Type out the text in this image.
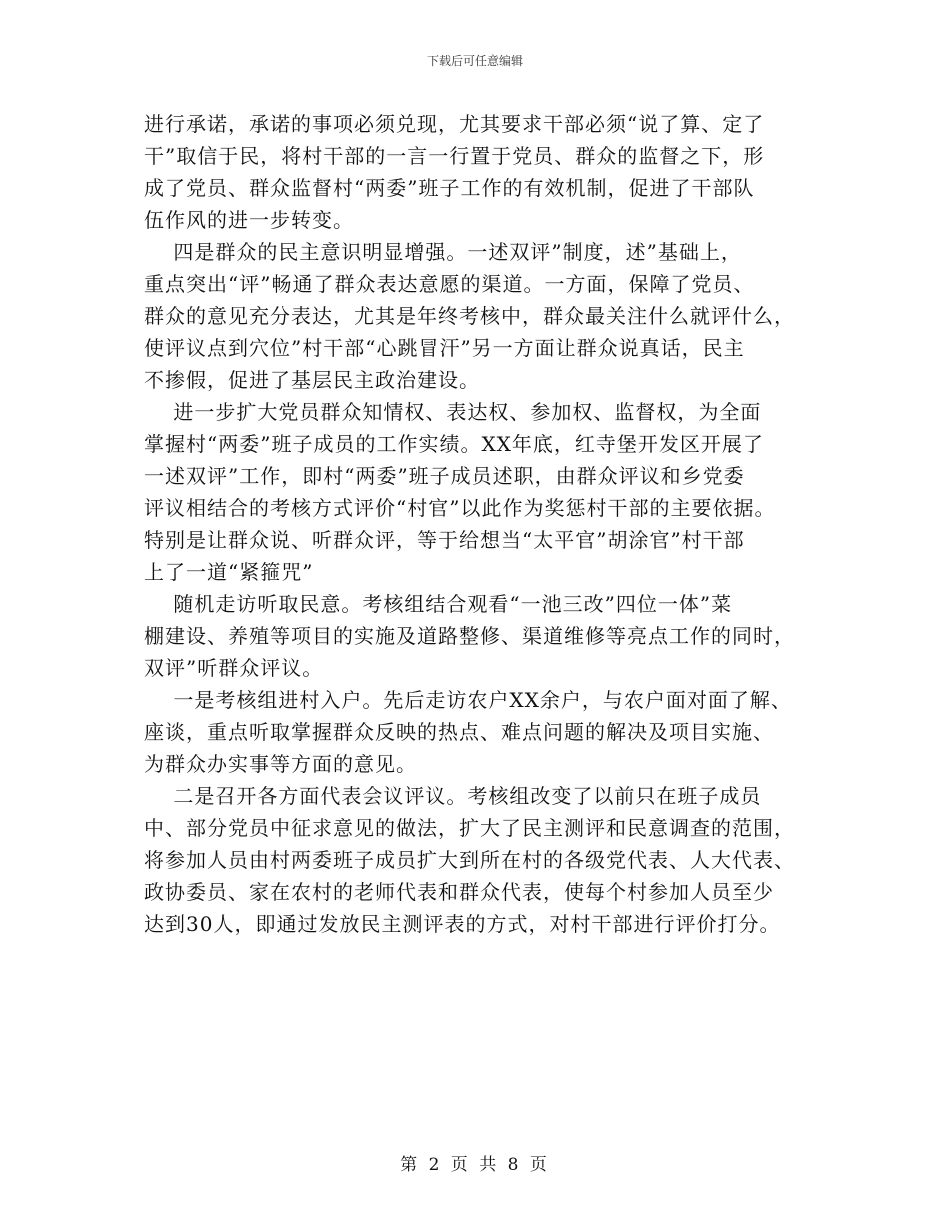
下载后可任意编辑
进行承诺，承诺的事项必须兑现，尤其要求干部必须“说了算、定了
干”取信于民，将村干部的一言一行置于党员、群众的监督之下，形
成了党员、群众监督村“两委”班子工作的有效机制，促进了干部队
伍作风的进一步转变。
四是群众的民主意识明显增强。一述双评”制度，述”基础上，
重点突出“评”畅通了群众表达意愿的渠道。一方面，保障了党员、
群众的意见充分表达，尤其是年终考核中，群众最关注什么就评什么，
使评议点到穴位”村干部“心跳冒汗”另一方面让群众说真话，民主
不掺假，促进了基层民主政治建设。
进一步扩大党员群众知情权、表达权、参加权、监督权，为全面
掌握村“两委”班子成员的工作实绩。XX年底，红寺堡开发区开展了
一述双评”工作，即村“两委”班子成员述职，由群众评议和乡党委
评议相结合的考核方式评价“村官”以此作为奖惩村干部的主要依据。
特别是让群众说、听群众评，等于给想当“太平官”胡涂官”村干部
上了一道“紧箍咒”
随机走访听取民意。考核组结合观看“一池三改”四位一体”菜
棚建设、养殖等项目的实施及道路整修、渠道维修等亮点工作的同时，
双评”听群众评议。
一是考核组进村入户。先后走访农户XX余户，与农户面对面了解、
座谈，重点听取掌握群众反映的热点、难点问题的解决及项目实施、
为群众办实事等方面的意见。
二是召开各方面代表会议评议。考核组改变了以前只在班子成员
中、部分党员中征求意见的做法，扩大了民主测评和民意调查的范围，
将参加人员由村两委班子成员扩大到所在村的各级党代表、人大代表、
政协委员、家在农村的老师代表和群众代表，使每个村参加人员至少
达到30人，即通过发放民主测评表的方式，对村干部进行评价打分。
第 2 页 共 8 页
